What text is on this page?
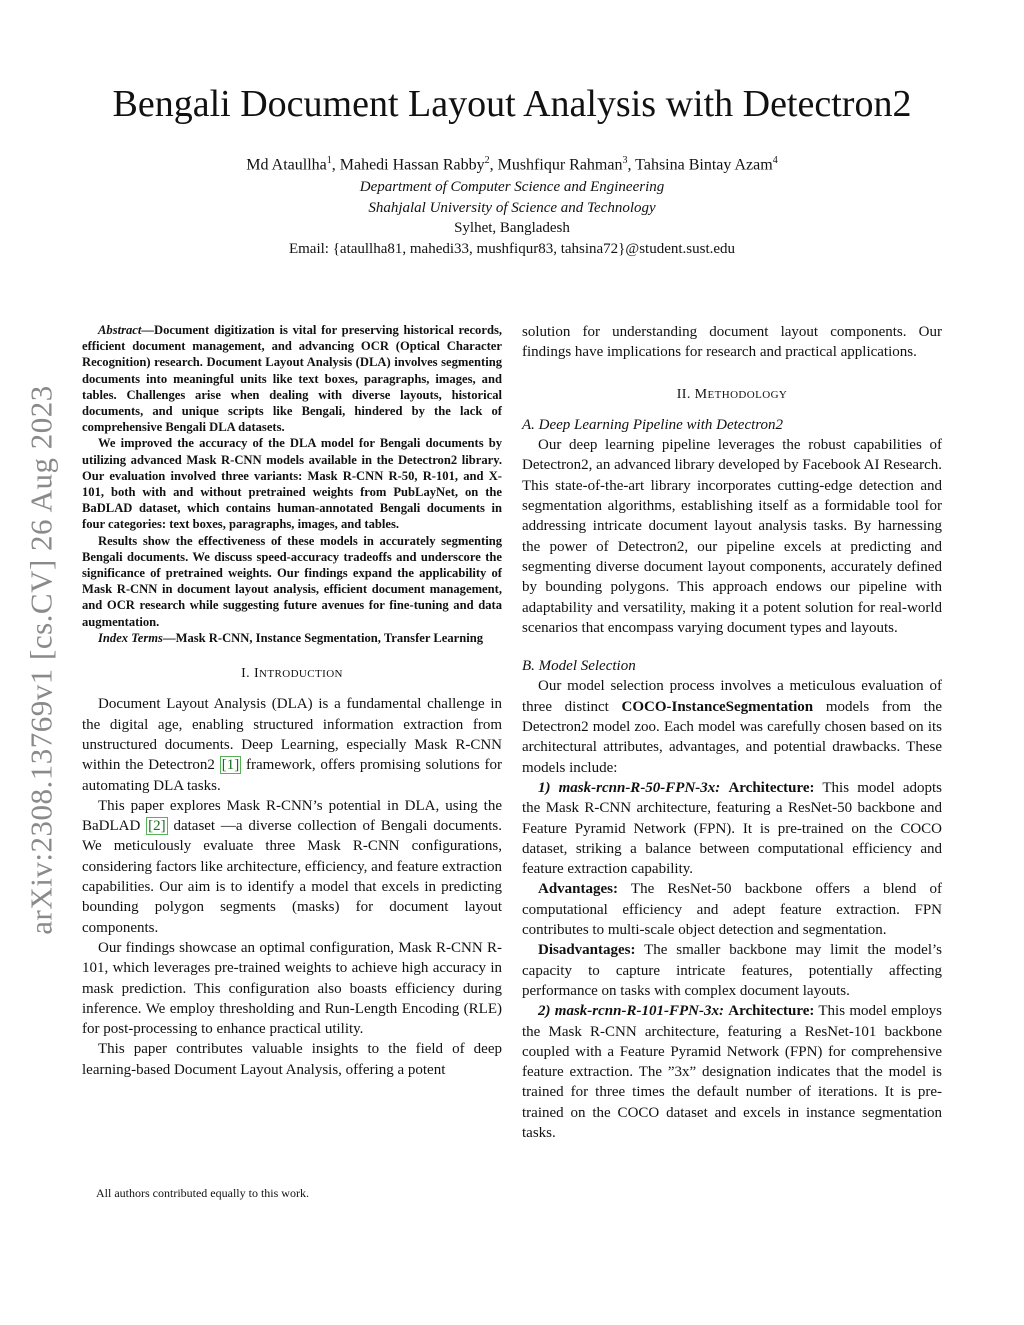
arXiv:2308.13769v1 [cs.CV] 26 Aug 2023
Bengali Document Layout Analysis with Detectron2
Md Ataullha$^1$, Mahedi Hassan Rabby$^2$, Mushfiqur Rahman$^3$, Tahsina Bintay Azam$^4$
Department of Computer Science and Engineering
Shahjalal University of Science and Technology
Sylhet, Bangladesh
Email: {ataullha81, mahedi33, mushfiqur83, tahsina72}@student.sust.edu

Abstract—Document digitization is vital for preserving historical records, efficient document management, and advancing OCR (Optical Character Recognition) research. Document Layout Analysis (DLA) involves segmenting documents into meaningful units like text boxes, paragraphs, images, and tables. Challenges arise when dealing with diverse layouts, historical documents, and unique scripts like Bengali, hindered by the lack of comprehensive Bengali DLA datasets.

We improved the accuracy of the DLA model for Bengali documents by utilizing advanced Mask R-CNN models available in the Detectron2 library. Our evaluation involved three variants: Mask R-CNN R-50, R-101, and X-101, both with and without pretrained weights from PubLayNet, on the BaDLAD dataset, which contains human-annotated Bengali documents in four categories: text boxes, paragraphs, images, and tables.

Results show the effectiveness of these models in accurately segmenting Bengali documents. We discuss speed-accuracy tradeoffs and underscore the significance of pretrained weights. Our findings expand the applicability of Mask R-CNN in document layout analysis, efficient document management, and OCR research while suggesting future avenues for fine-tuning and data augmentation.

Index Terms—Mask R-CNN, Instance Segmentation, Transfer Learning

I. INTRODUCTION

Document Layout Analysis (DLA) is a fundamental challenge in the digital age, enabling structured information extraction from unstructured documents. Deep Learning, especially Mask R-CNN within the Detectron2 [1] framework, offers promising solutions for automating DLA tasks.

This paper explores Mask R-CNN’s potential in DLA, using the BaDLAD [2] dataset —a diverse collection of Bengali documents. We meticulously evaluate three Mask R-CNN configurations, considering factors like architecture, efficiency, and feature extraction capabilities. Our aim is to identify a model that excels in predicting bounding polygon segments (masks) for document layout components.

Our findings showcase an optimal configuration, Mask R-CNN R-101, which leverages pre-trained weights to achieve high accuracy in mask prediction. This configuration also boasts efficiency during inference. We employ thresholding and Run-Length Encoding (RLE) for post-processing to enhance practical utility.

This paper contributes valuable insights to the field of deep learning-based Document Layout Analysis, offering a potent

solution for understanding document layout components. Our findings have implications for research and practical applications.

II. METHODOLOGY

A. Deep Learning Pipeline with Detectron2

Our deep learning pipeline leverages the robust capabilities of Detectron2, an advanced library developed by Facebook AI Research. This state-of-the-art library incorporates cutting-edge detection and segmentation algorithms, establishing itself as a formidable tool for addressing intricate document layout analysis tasks. By harnessing the power of Detectron2, our pipeline excels at predicting and segmenting diverse document layout components, accurately defined by bounding polygons. This approach endows our pipeline with adaptability and versatility, making it a potent solution for real-world scenarios that encompass varying document types and layouts.

B. Model Selection

Our model selection process involves a meticulous evaluation of three distinct COCO-InstanceSegmentation models from the Detectron2 model zoo. Each model was carefully chosen based on its architectural attributes, advantages, and potential drawbacks. These models include:

1) mask-rcnn-R-50-FPN-3x: Architecture: This model adopts the Mask R-CNN architecture, featuring a ResNet-50 backbone and Feature Pyramid Network (FPN). It is pre-trained on the COCO dataset, striking a balance between computational efficiency and feature extraction capability.

Advantages: The ResNet-50 backbone offers a blend of computational efficiency and adept feature extraction. FPN contributes to multi-scale object detection and segmentation.

Disadvantages: The smaller backbone may limit the model’s capacity to capture intricate features, potentially affecting performance on tasks with complex document layouts.

2) mask-rcnn-R-101-FPN-3x: Architecture: This model employs the Mask R-CNN architecture, featuring a ResNet-101 backbone coupled with a Feature Pyramid Network (FPN) for comprehensive feature extraction. The ”3x” designation indicates that the model is trained for three times the default number of iterations. It is pre-trained on the COCO dataset and excels in instance segmentation tasks.

All authors contributed equally to this work.
